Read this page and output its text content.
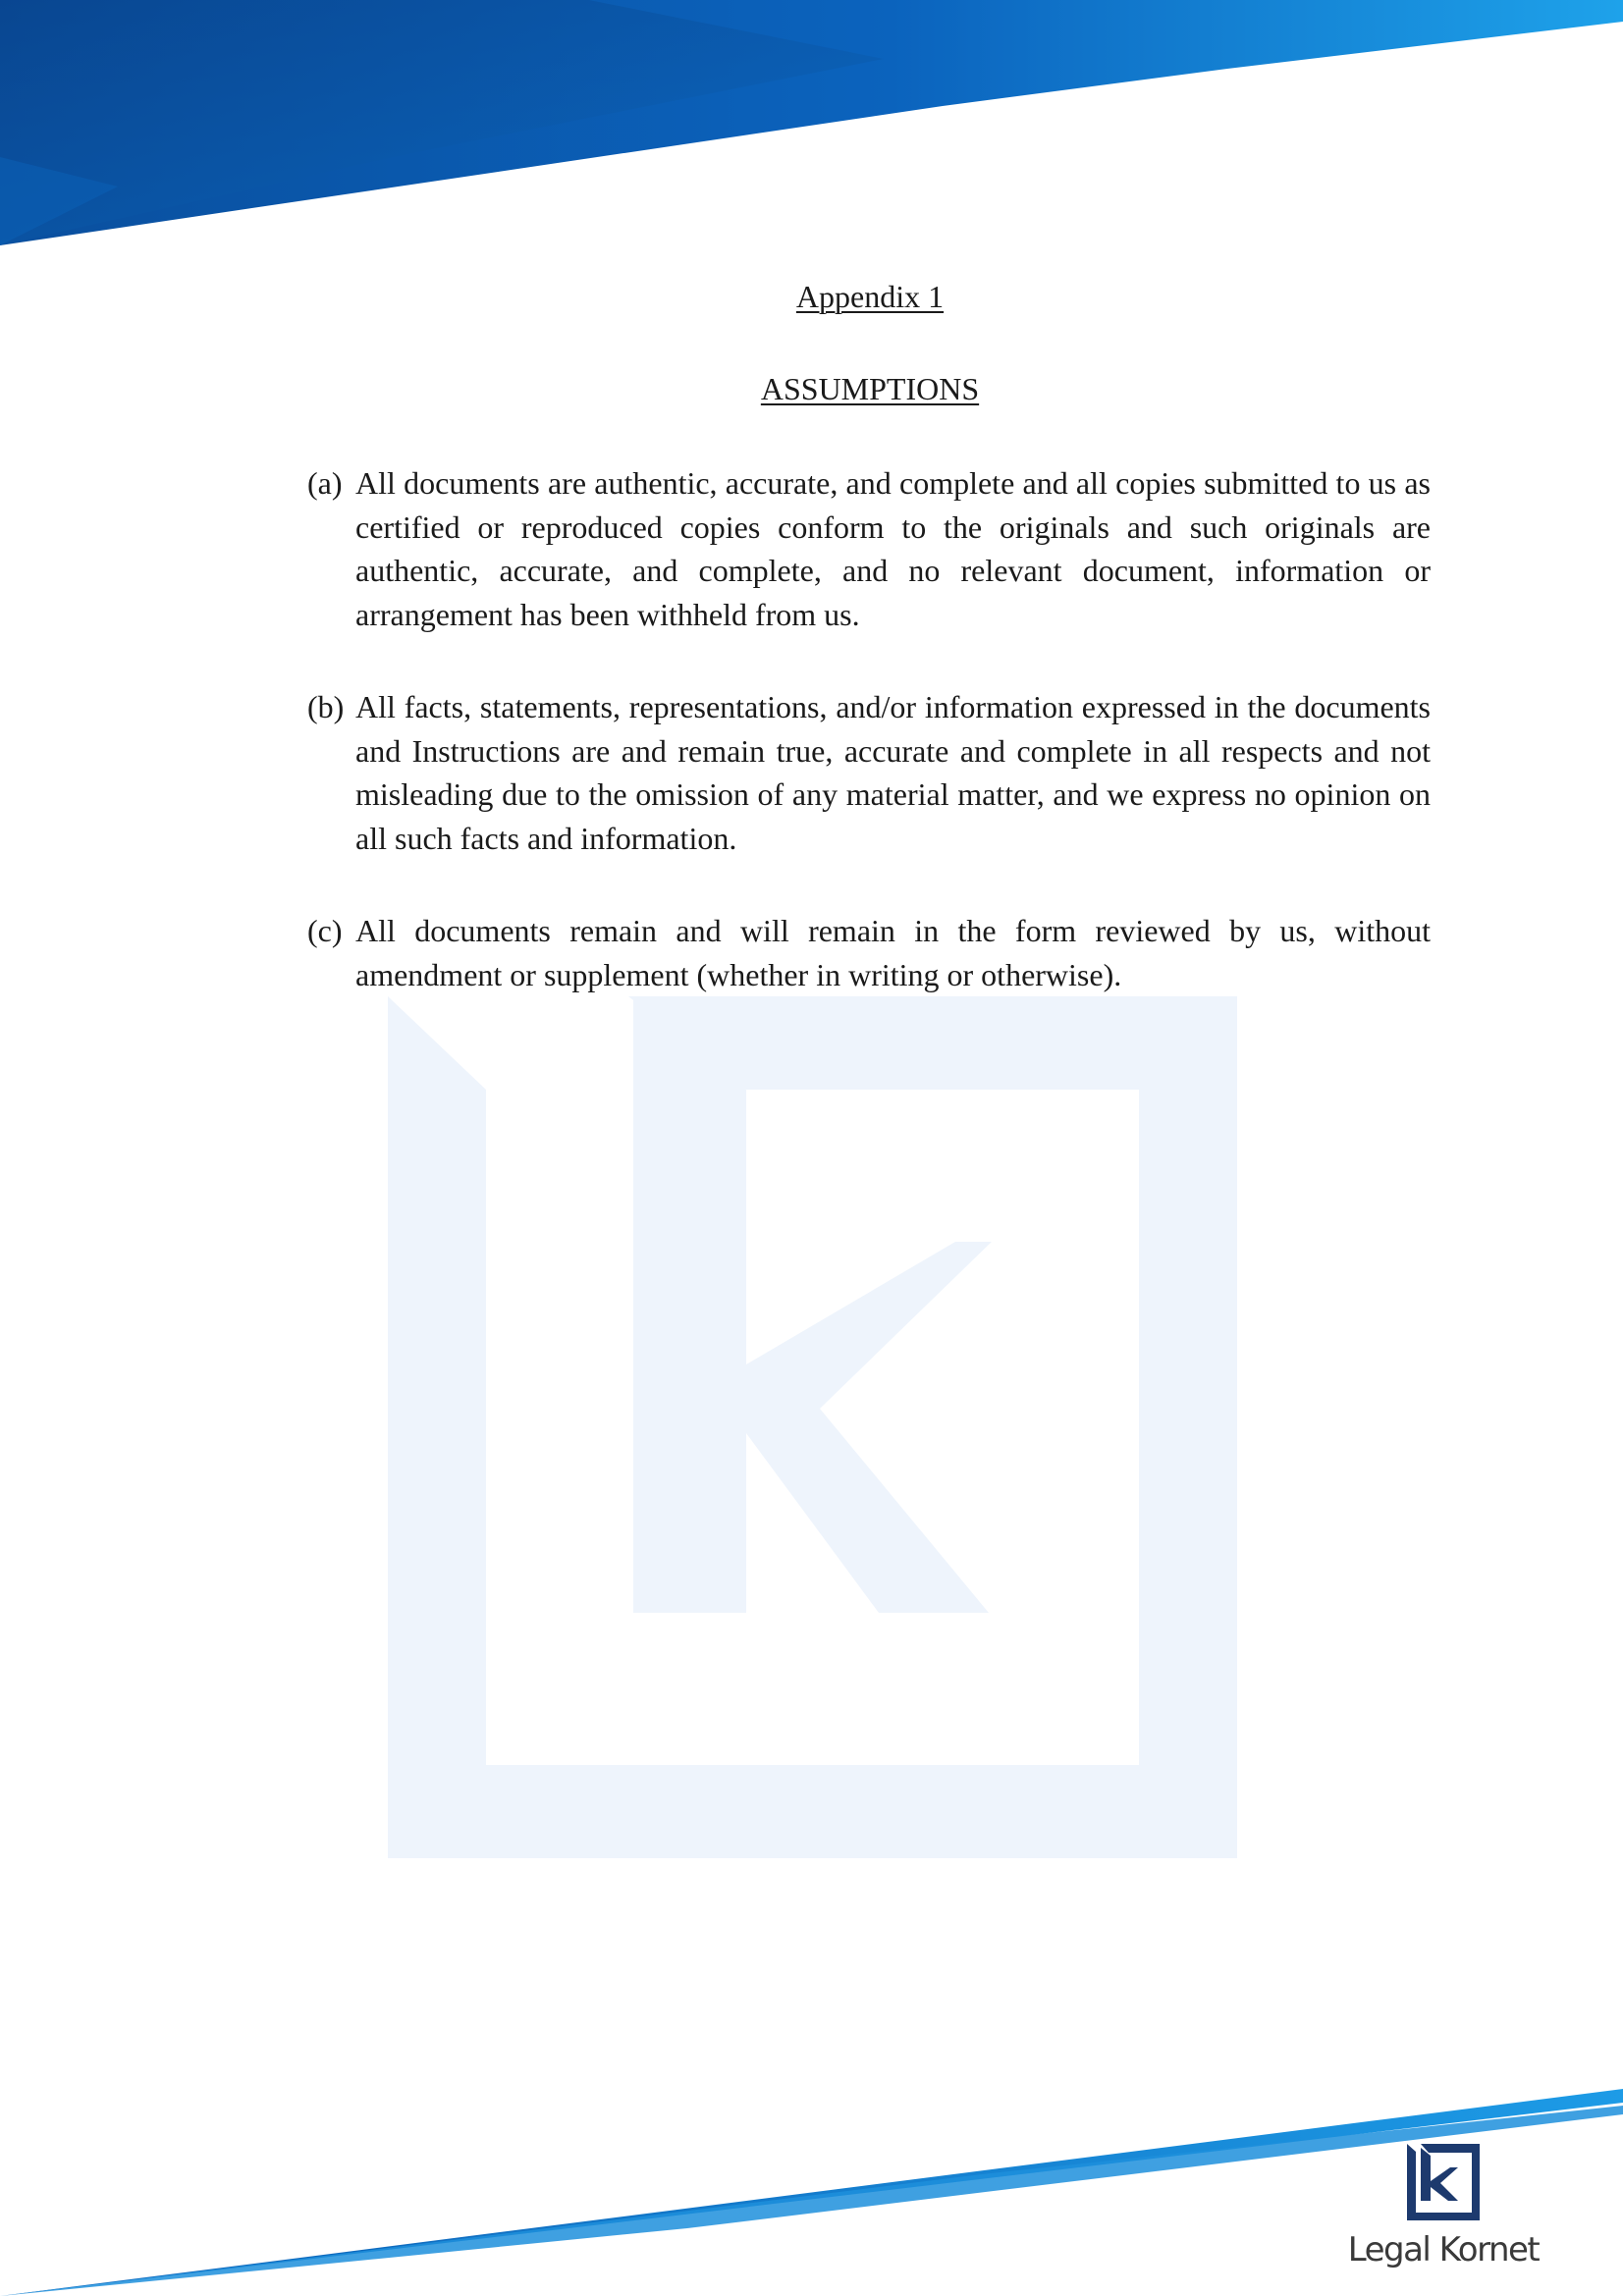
Appendix 1
ASSUMPTIONS
(a) All documents are authentic, accurate, and complete and all copies submitted to us as certified or reproduced copies conform to the originals and such originals are authentic, accurate, and complete, and no relevant document, information or arrangement has been withheld from us.
(b) All facts, statements, representations, and/or information expressed in the documents and Instructions are and remain true, accurate and complete in all respects and not misleading due to the omission of any material matter, and we express no opinion on all such facts and information.
(c) All documents remain and will remain in the form reviewed by us, without amendment or supplement (whether in writing or otherwise).
Legal Kornet
